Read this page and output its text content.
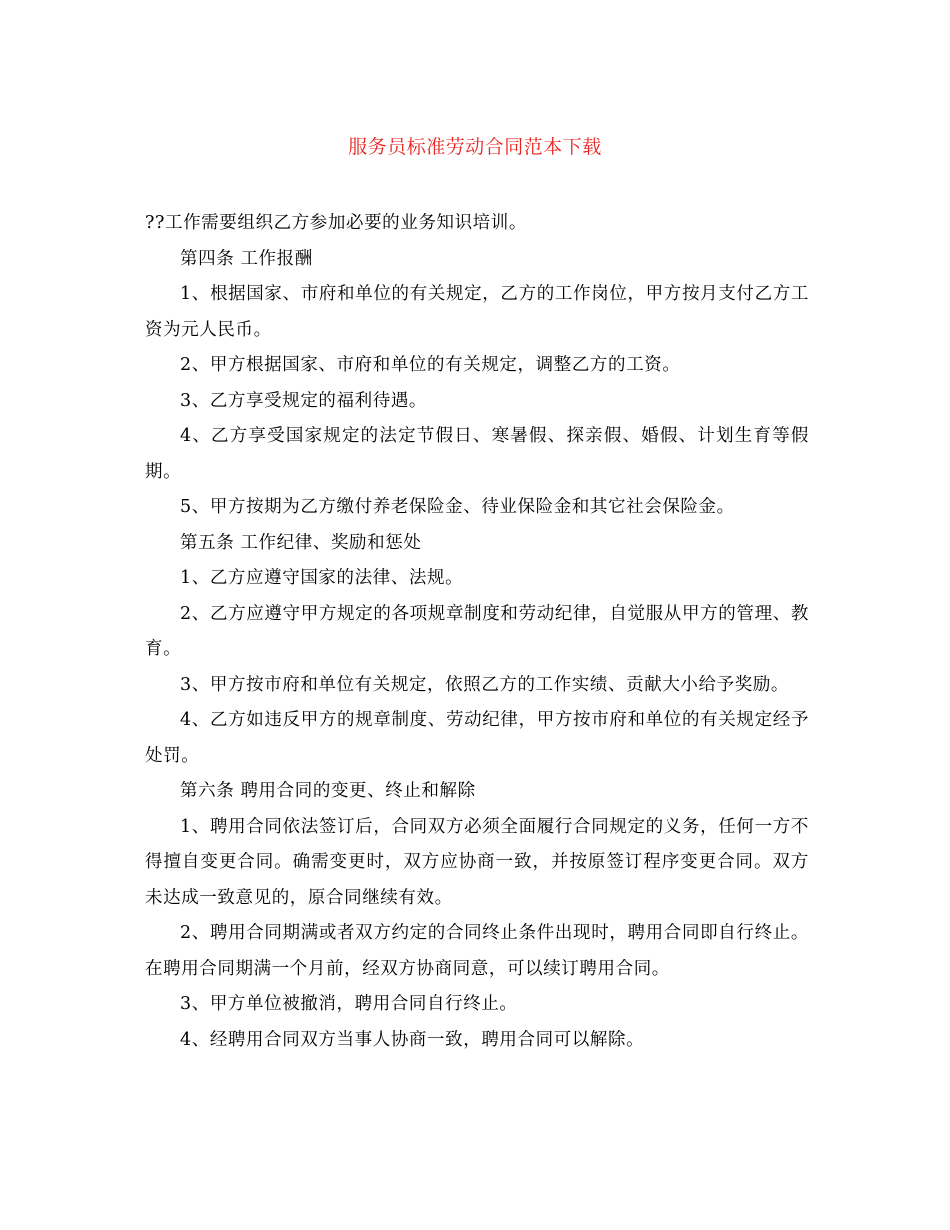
服务员标准劳动合同范本下载

??工作需要组织乙方参加必要的业务知识培训。

第四条 工作报酬

1、根据国家、市府和单位的有关规定，乙方的工作岗位，甲方按月支付乙方工资为元人民币。

2、甲方根据国家、市府和单位的有关规定，调整乙方的工资。

3、乙方享受规定的福利待遇。

4、乙方享受国家规定的法定节假日、寒暑假、探亲假、婚假、计划生育等假期。

5、甲方按期为乙方缴付养老保险金、待业保险金和其它社会保险金。

第五条 工作纪律、奖励和惩处

1、乙方应遵守国家的法律、法规。

2、乙方应遵守甲方规定的各项规章制度和劳动纪律，自觉服从甲方的管理、教育。

3、甲方按市府和单位有关规定，依照乙方的工作实绩、贡献大小给予奖励。

4、乙方如违反甲方的规章制度、劳动纪律，甲方按市府和单位的有关规定经予处罚。

第六条 聘用合同的变更、终止和解除

1、聘用合同依法签订后，合同双方必须全面履行合同规定的义务，任何一方不得擅自变更合同。确需变更时，双方应协商一致，并按原签订程序变更合同。双方未达成一致意见的，原合同继续有效。

2、聘用合同期满或者双方约定的合同终止条件出现时，聘用合同即自行终止。在聘用合同期满一个月前，经双方协商同意，可以续订聘用合同。

3、甲方单位被撤消，聘用合同自行终止。

4、经聘用合同双方当事人协商一致，聘用合同可以解除。
